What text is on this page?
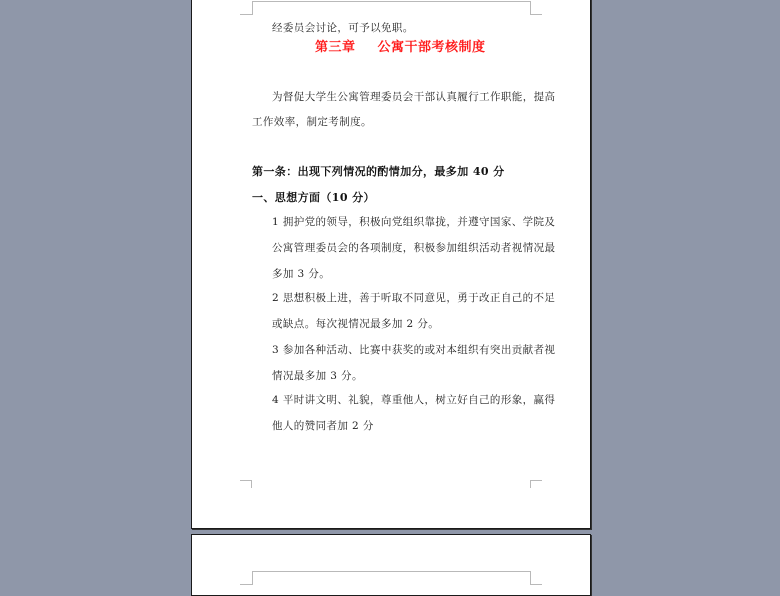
经委员会讨论，可予以免职。
第三章 公寓干部考核制度
为督促大学生公寓管理委员会干部认真履行工作职能，提高
工作效率，制定考制度。
第一条：出现下列情况的酌情加分，最多加 40 分
一、思想方面（10 分）
1 拥护党的领导，积极向党组织靠拢，并遵守国家、学院及
公寓管理委员会的各项制度，积极参加组织活动者视情况最
多加 3 分。
2 思想积极上进，善于听取不同意见，勇于改正自己的不足
或缺点。每次视情况最多加 2 分。
3 参加各种活动、比赛中获奖的或对本组织有突出贡献者视
情况最多加 3 分。
4 平时讲文明、礼貌，尊重他人，树立好自己的形象，赢得
他人的赞同者加 2 分
